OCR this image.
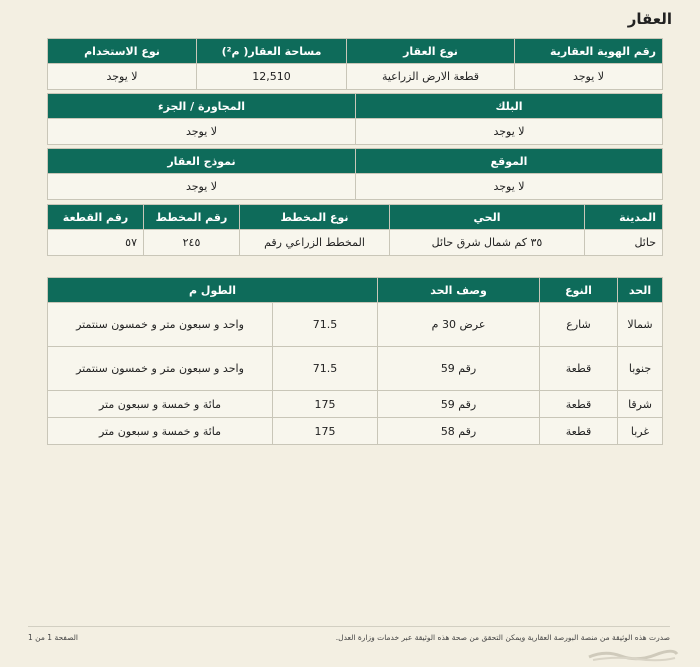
العقار
رقم الهوية العقارية	نوع العقار	مساحة العقار( م²)	نوع الاستخدام
لا يوجد	قطعة الارض الزراعية	12,510	لا يوجد
البلك	المجاورة / الجزء
لا يوجد	لا يوجد
الموقع	نموذج العقار
لا يوجد	لا يوجد
المدينة	الحي	نوع المخطط	رقم المخطط	رقم القطعة
حائل	٣٥ كم شمال شرق حائل	المخطط الزراعي رقم	٢٤٥	٥٧
الحد	النوع	وصف الحد	الطول م	
شمالا	شارع	عرض 30 م	71.5	واحد و سبعون متر و خمسون سنتمتر
جنوبا	قطعة	رقم 59	71.5	واحد و سبعون متر و خمسون سنتمتر
شرقا	قطعة	رقم 59	175	مائة و خمسة و سبعون متر
غربا	قطعة	رقم 58	175	مائة و خمسة و سبعون متر
صدرت هذه الوثيقة من منصة البورصة العقارية ويمكن التحقق من صحة هذه الوثيقة عبر خدمات وزارة العدل.
الصفحة 1 من 1
